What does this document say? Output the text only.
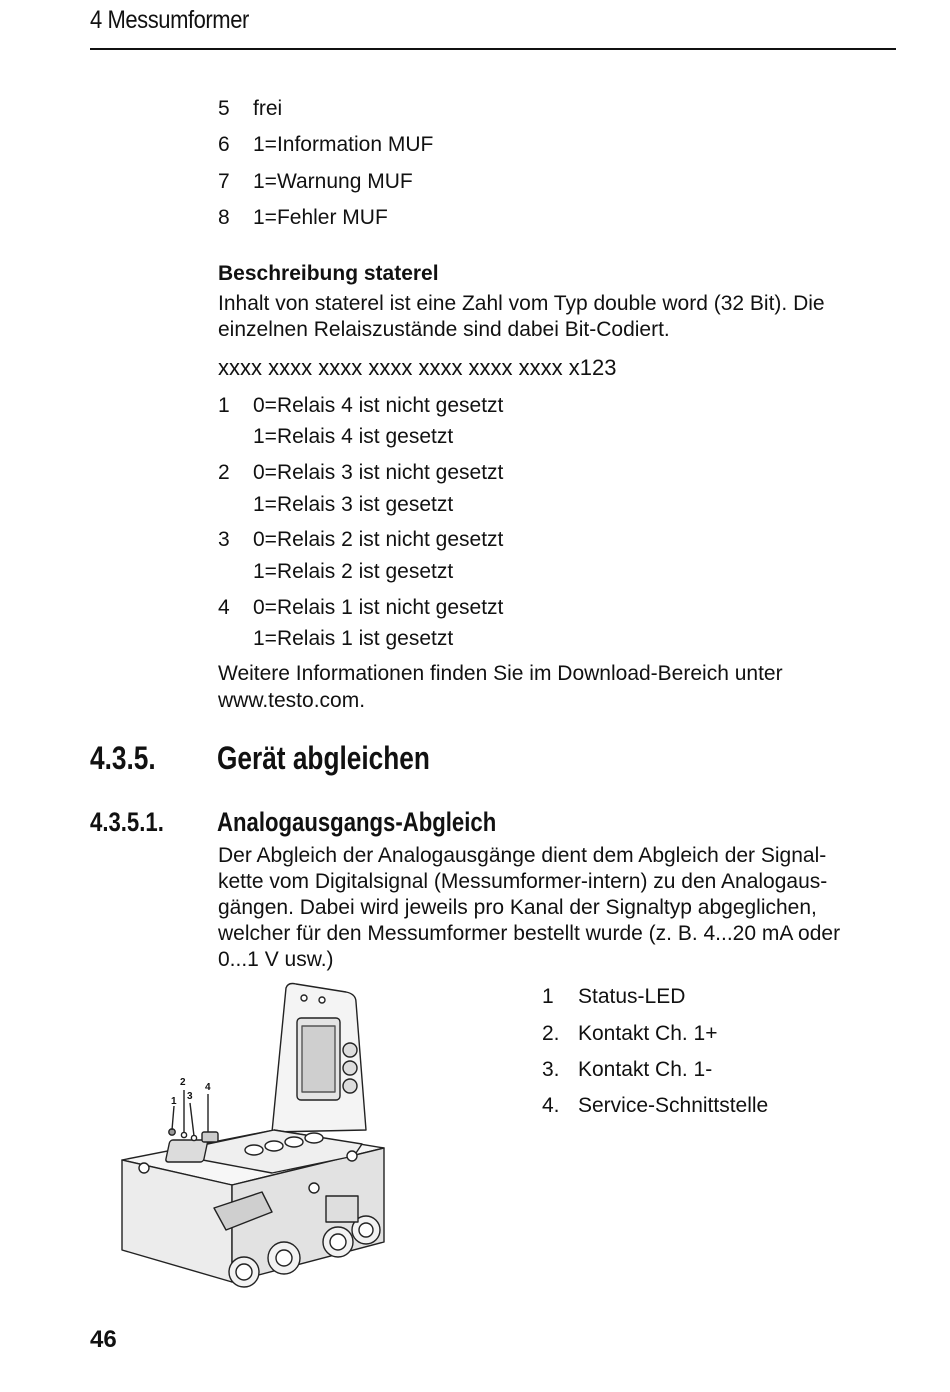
4 Messumformer
5	frei
6	1=Information MUF
7	1=Warnung MUF
8	1=Fehler MUF
Beschreibung staterel
Inhalt von staterel ist eine Zahl vom Typ double word (32 Bit). Die
einzelnen Relaiszustände sind dabei Bit-Codiert.
xxxx xxxx xxxx xxxx xxxx xxxx xxxx x123
1	0=Relais 4 ist nicht gesetzt
1=Relais 4 ist gesetzt
2	0=Relais 3 ist nicht gesetzt
1=Relais 3 ist gesetzt
3	0=Relais 2 ist nicht gesetzt
1=Relais 2 ist gesetzt
4	0=Relais 1 ist nicht gesetzt
1=Relais 1 ist gesetzt
Weitere Informationen finden Sie im Download-Bereich unter
www.testo.com.
4.3.5. Gerät abgleichen
4.3.5.1. Analogausgangs-Abgleich
Der Abgleich der Analogausgänge dient dem Abgleich der Signal-
kette vom Digitalsignal (Messumformer-intern) zu den Analogaus-
gängen. Dabei wird jeweils pro Kanal der Signaltyp abgeglichen,
welcher für den Messumformer bestellt wurde (z. B. 4...20 mA oder
0...1 V usw.)
1
2
3
4
1 Status-LED
2. Kontakt Ch. 1+
3. Kontakt Ch. 1-
4. Service-Schnittstelle
46
